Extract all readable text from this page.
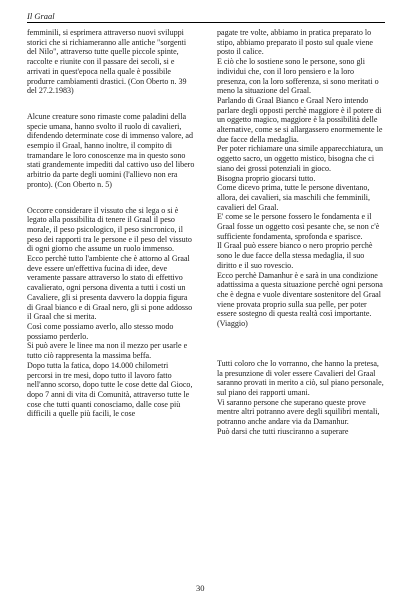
Il Graal

femminili, si esprimera attraverso nuovi sviluppi storici che si richiameranno alle antiche "sorgenti del Nilo", attraverso tutte quelle piccole spinte, raccolte e riunite con il passare dei secoli, si e arrivati in quest'epoca nella quale è possibile produrre cambiamenti drastici. (Con Oberto n. 39 del 27.2.1983)

Alcune creature sono rimaste come paladini della specie umana, hanno svolto il ruolo di cavalieri, difendendo determinate cose di immenso valore, ad esempio il Graal, hanno inoltre, il compito di tramandare le loro conoscenze ma in questo sono stati grandemente impediti dal cattivo uso del libero arbitrio da parte degli uomini (l'allievo non era pronto). (Con Oberto n. 5)

Occorre considerare il vissuto che si lega o si è legato alla possibilita di tenere il Graal il peso morale, il peso psicologico, il peso sincronico, il peso dei rapporti tra le persone e il peso del vissuto di ogni giorno che assume un ruolo immenso.

Ecco perchè tutto l'ambiente che è attorno al Graal deve essere un'effettiva fucina di idee, deve veramente passare attraverso lo stato di effettivo cavalierato, ogni persona diventa a tutti i costi un Cavaliere, gli si presenta davvero la doppia figura di Graal bianco e di Graal nero, gli si pone addosso il Graal che si merita.

Così come possiamo averlo, allo stesso modo possiamo perderlo.

Si può avere le linee ma non il mezzo per usarle e tutto ciò rappresenta la massima beffa.

Dopo tutta la fatica, dopo 14.000 chilometri percorsi in tre mesi, dopo tutto il lavoro fatto nell'anno scorso, dopo tutte le cose dette dal Gioco, dopo 7 anni di vita di Comunità, attraverso tutte le cose che tutti quanti conosciamo, dalle cose più difficili a quelle più facili, le cose

pagate tre volte, abbiamo in pratica preparato lo stipo, abbiamo preparato il posto sul quale viene posto il calice.

E ciò che lo sostiene sono le persone, sono gli individui che, con il loro pensiero e la loro presenza, con la loro sofferenza, si sono meritati o meno la situazione del Graal.

Parlando di Graal Bianco e Graal Nero intendo parlare degli opposti perchè maggiore è il potere di un oggetto magico, maggiore è la possibilità delle alternative, come se si allargassero enormemente le due facce della medaglia.

Per poter richiamare una simile apparecchiatura, un oggetto sacro, un oggetto mistico, bisogna che ci siano dei grossi potenziali in gioco.

Bisogna proprio giocarsi tutto.

Come dicevo prima, tutte le persone diventano, allora, dei cavalieri, sia maschili che femminili, cavalieri del Graal.

E' come se le persone fossero le fondamenta e il Graal fosse un oggetto così pesante che, se non c'è sufficiente fondamenta, sprofonda e sparisce.

Il Graal può essere bianco o nero proprio perchè sono le due facce della stessa medaglia, il suo diritto e il suo rovescio.

Ecco perchè Damanhur è e sarà in una condizione adattissima a questa situazione perchè ogni persona che è degna e vuole diventare sostenitore del Graal viene provata proprio sulla sua pelle, per poter essere sostegno di questa realtà così importante.

(Viaggio)

Tutti coloro che lo vorranno, che hanno la pretesa, la presunzione di voler essere Cavalieri del Graal saranno provati in merito a ciò, sul piano personale, sul piano dei rapporti umani.

Vi saranno persone che superano queste prove mentre altri potranno avere degli squilibri mentali, potranno anche andare via da Damanhur.

Può darsi che tutti riusciranno a superare

30
